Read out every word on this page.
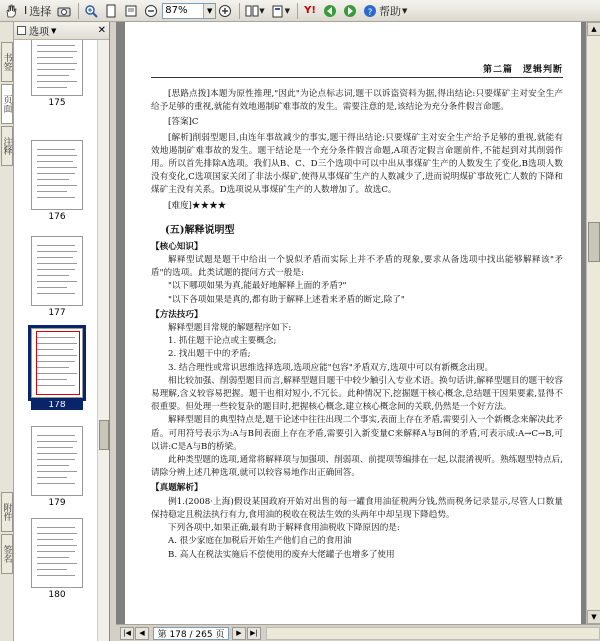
I 选择	87%	▼	▼	▼	Y!	? 帮助 ▼
书签
页面
注释
附件
签名
选项 ▼	✕
175
176
177
178
179
180
第二篇　逻辑判断

[思路点拨]本题为原性推理,"因此"为论点标志词,题干以诉盗资料为据,得出结论:只要煤矿主对安全生产给予足够的重视,就能有效地遏制矿难事故的发生。需要注意的是,该结论为充分条件假言命题。

[答案]C

[解析]削弱型题目,由连年事故减少的事实,题干得出结论:只要煤矿主对安全生产给予足够的重视,就能有效地遏制矿难事故的发生。题干结论是一个充分条件假言命题,A项否定假言命题前件,不能起到对其削弱作用。所以首先排除A选项。我们从B、C、D三个选项中可以中出从事煤矿生产的人数发生了变化,B选项人数没有变化,C选项国家关闭了非法小煤矿,使得从事煤矿生产的人数减少了,进而说明煤矿事故死亡人数的下降和煤矿主没有关系。D选项说从事煤矿生产的人数增加了。故选C。

[难度]★★★★

(五)解释说明型

【核心知识】

解释型试题是题干中给出一个貌似矛盾而实际上并不矛盾的现象,要求从备选项中找出能够解释该"矛盾"的选项。此类试题的提问方式一般是:

"以下哪项如果为真,能最好地解释上面的矛盾?"

"以下各项如果是真的,都有助于解释上述看来矛盾的断定,除了"

【方法技巧】

解释型题目常规的解题程序如下:

1. 抓住题干论点或主要概念;

2. 找出题干中的矛盾;

3. 结合理性或常识思维选择选项,选项应能"包容"矛盾双方,选项中可以有新概念出现。

相比较加强、削弱型题目而言,解释型题目题干中较少触引入专业术语。换句话讲,解释型题目的题干较容易理解,含义较容易把握。题干也相对短小,不冗长。此种情况下,挖掘题干核心概念,总结题干因果要素,显得不很重要。但处理一些较复杂的题目时,把握核心概念,建立核心概念间的关联,仍然是一个好方法。

解释型题目的典型特点是,题干论述中往往出现二个事实,表面上存在矛盾,需要引入一个新概念来解决此矛盾。可用符号表示为:A与B间表面上存在矛盾,需要引入新变量C来解释A与B间的矛盾,可表示成:A→C→B,可以讲:C是A与B的桥梁。

此种类型题的选项,通常将解释项与加强项、削弱项、前提项等编排在一起,以混淆视听。熟练题型特点后,请除分辨上述几种选项,就可以较容易地作出正确回答。

【真题解析】

例1.(2008·上海)假设某国政府开始对出售的每一罐食用油征税两分钱,然而税务记录显示,尽管人口数量保持稳定且税法执行有力,食用油的税收在税法生效的头两年中却呈现下降趋势。

下列各项中,如果正确,最有助于解释食用油税收下降原因的是:

A. 很少家庭在加税后开始生产他们自己的食用油

B. 高人在税法实施后不偿使用的废弃大佬罐子也增多了使用

▲
▼
|◀	◀	第 178 / 265 页	▶	▶|
